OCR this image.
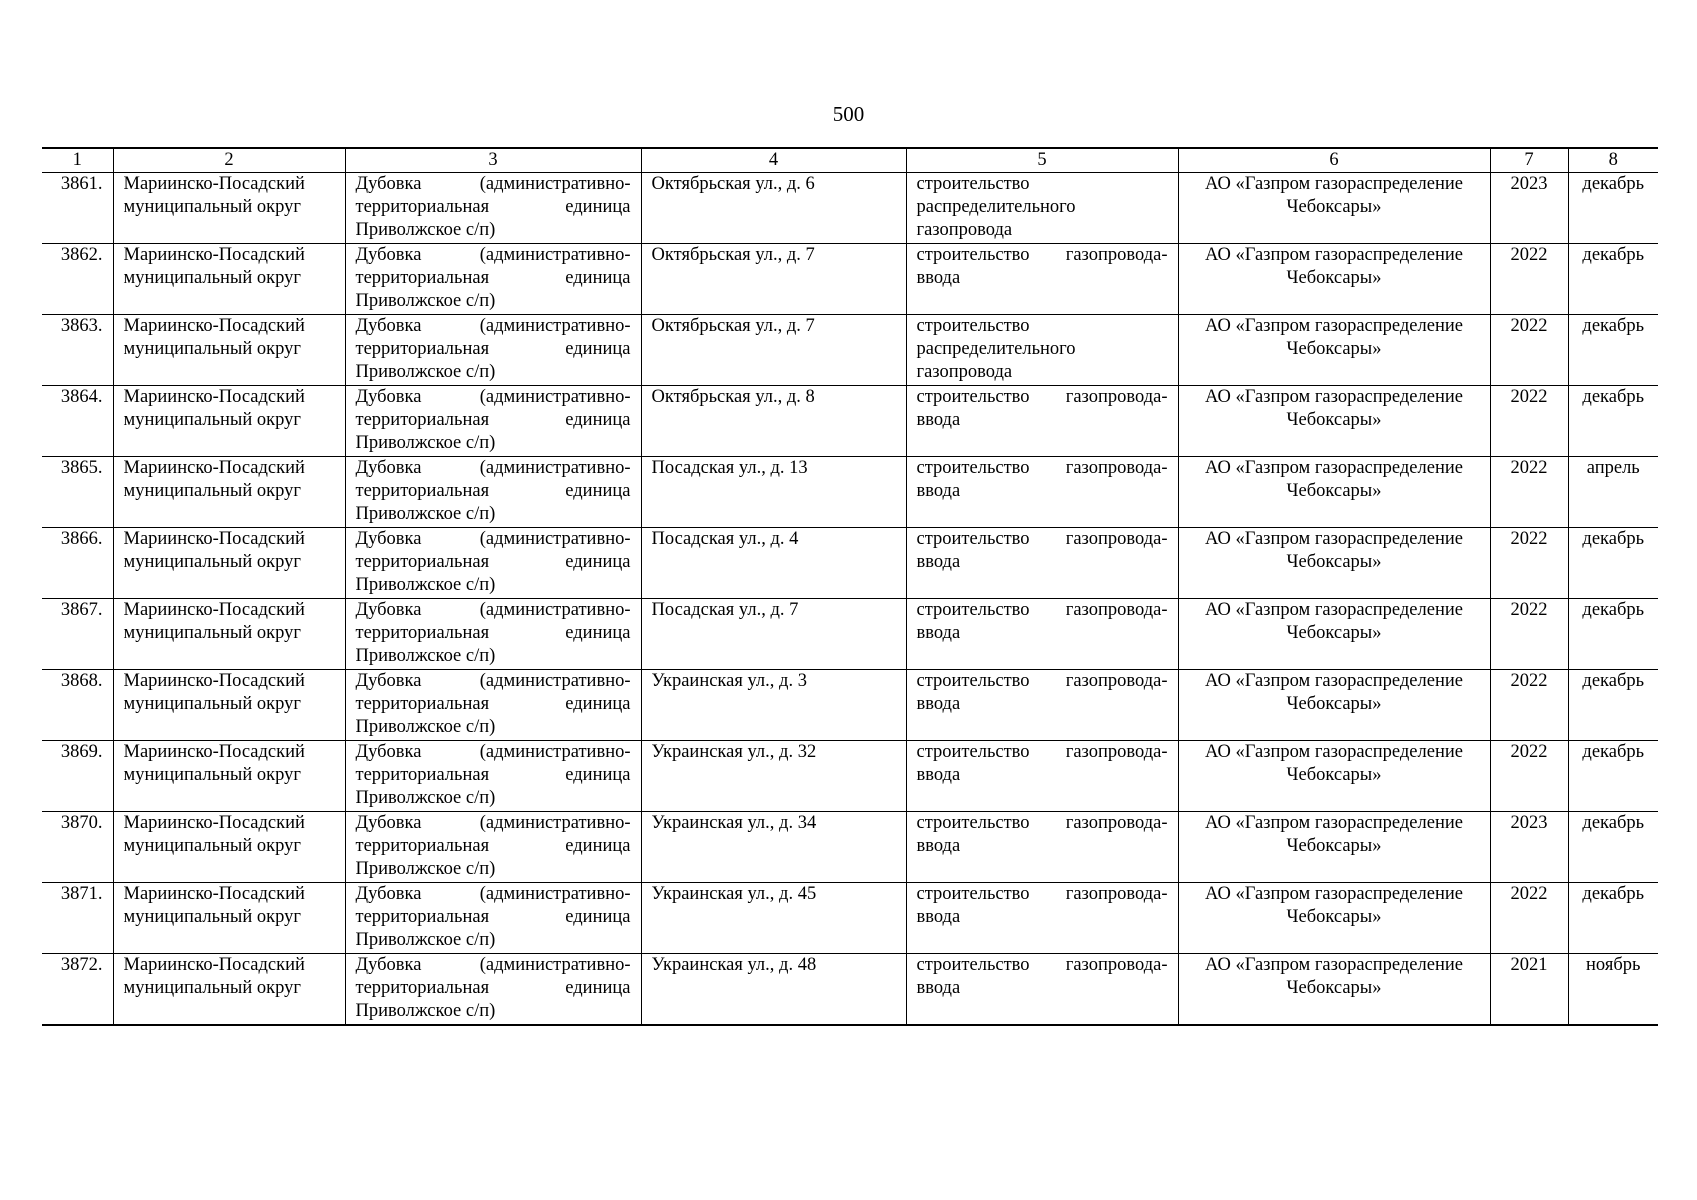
500
1	2	3	4	5	6	7	8
3861.	Мариинско-Посадский муниципальный округ	Дубовка (административно-территориальная единица Приволжское с/п)	Октябрьская ул., д. 6	строительство распределительного газопровода	АО «Газпром газораспределение Чебоксары»	2023	декабрь
3862.	Мариинско-Посадский муниципальный округ	Дубовка (административно-территориальная единица Приволжское с/п)	Октябрьская ул., д. 7	строительство газопровода-ввода	АО «Газпром газораспределение Чебоксары»	2022	декабрь
3863.	Мариинско-Посадский муниципальный округ	Дубовка (административно-территориальная единица Приволжское с/п)	Октябрьская ул., д. 7	строительство распределительного газопровода	АО «Газпром газораспределение Чебоксары»	2022	декабрь
3864.	Мариинско-Посадский муниципальный округ	Дубовка (административно-территориальная единица Приволжское с/п)	Октябрьская ул., д. 8	строительство газопровода-ввода	АО «Газпром газораспределение Чебоксары»	2022	декабрь
3865.	Мариинско-Посадский муниципальный округ	Дубовка (административно-территориальная единица Приволжское с/п)	Посадская ул., д. 13	строительство газопровода-ввода	АО «Газпром газораспределение Чебоксары»	2022	апрель
3866.	Мариинско-Посадский муниципальный округ	Дубовка (административно-территориальная единица Приволжское с/п)	Посадская ул., д. 4	строительство газопровода-ввода	АО «Газпром газораспределение Чебоксары»	2022	декабрь
3867.	Мариинско-Посадский муниципальный округ	Дубовка (административно-территориальная единица Приволжское с/п)	Посадская ул., д. 7	строительство газопровода-ввода	АО «Газпром газораспределение Чебоксары»	2022	декабрь
3868.	Мариинско-Посадский муниципальный округ	Дубовка (административно-территориальная единица Приволжское с/п)	Украинская ул., д. 3	строительство газопровода-ввода	АО «Газпром газораспределение Чебоксары»	2022	декабрь
3869.	Мариинско-Посадский муниципальный округ	Дубовка (административно-территориальная единица Приволжское с/п)	Украинская ул., д. 32	строительство газопровода-ввода	АО «Газпром газораспределение Чебоксары»	2022	декабрь
3870.	Мариинско-Посадский муниципальный округ	Дубовка (административно-территориальная единица Приволжское с/п)	Украинская ул., д. 34	строительство газопровода-ввода	АО «Газпром газораспределение Чебоксары»	2023	декабрь
3871.	Мариинско-Посадский муниципальный округ	Дубовка (административно-территориальная единица Приволжское с/п)	Украинская ул., д. 45	строительство газопровода-ввода	АО «Газпром газораспределение Чебоксары»	2022	декабрь
3872.	Мариинско-Посадский муниципальный округ	Дубовка (административно-территориальная единица Приволжское с/п)	Украинская ул., д. 48	строительство газопровода-ввода	АО «Газпром газораспределение Чебоксары»	2021	ноябрь
